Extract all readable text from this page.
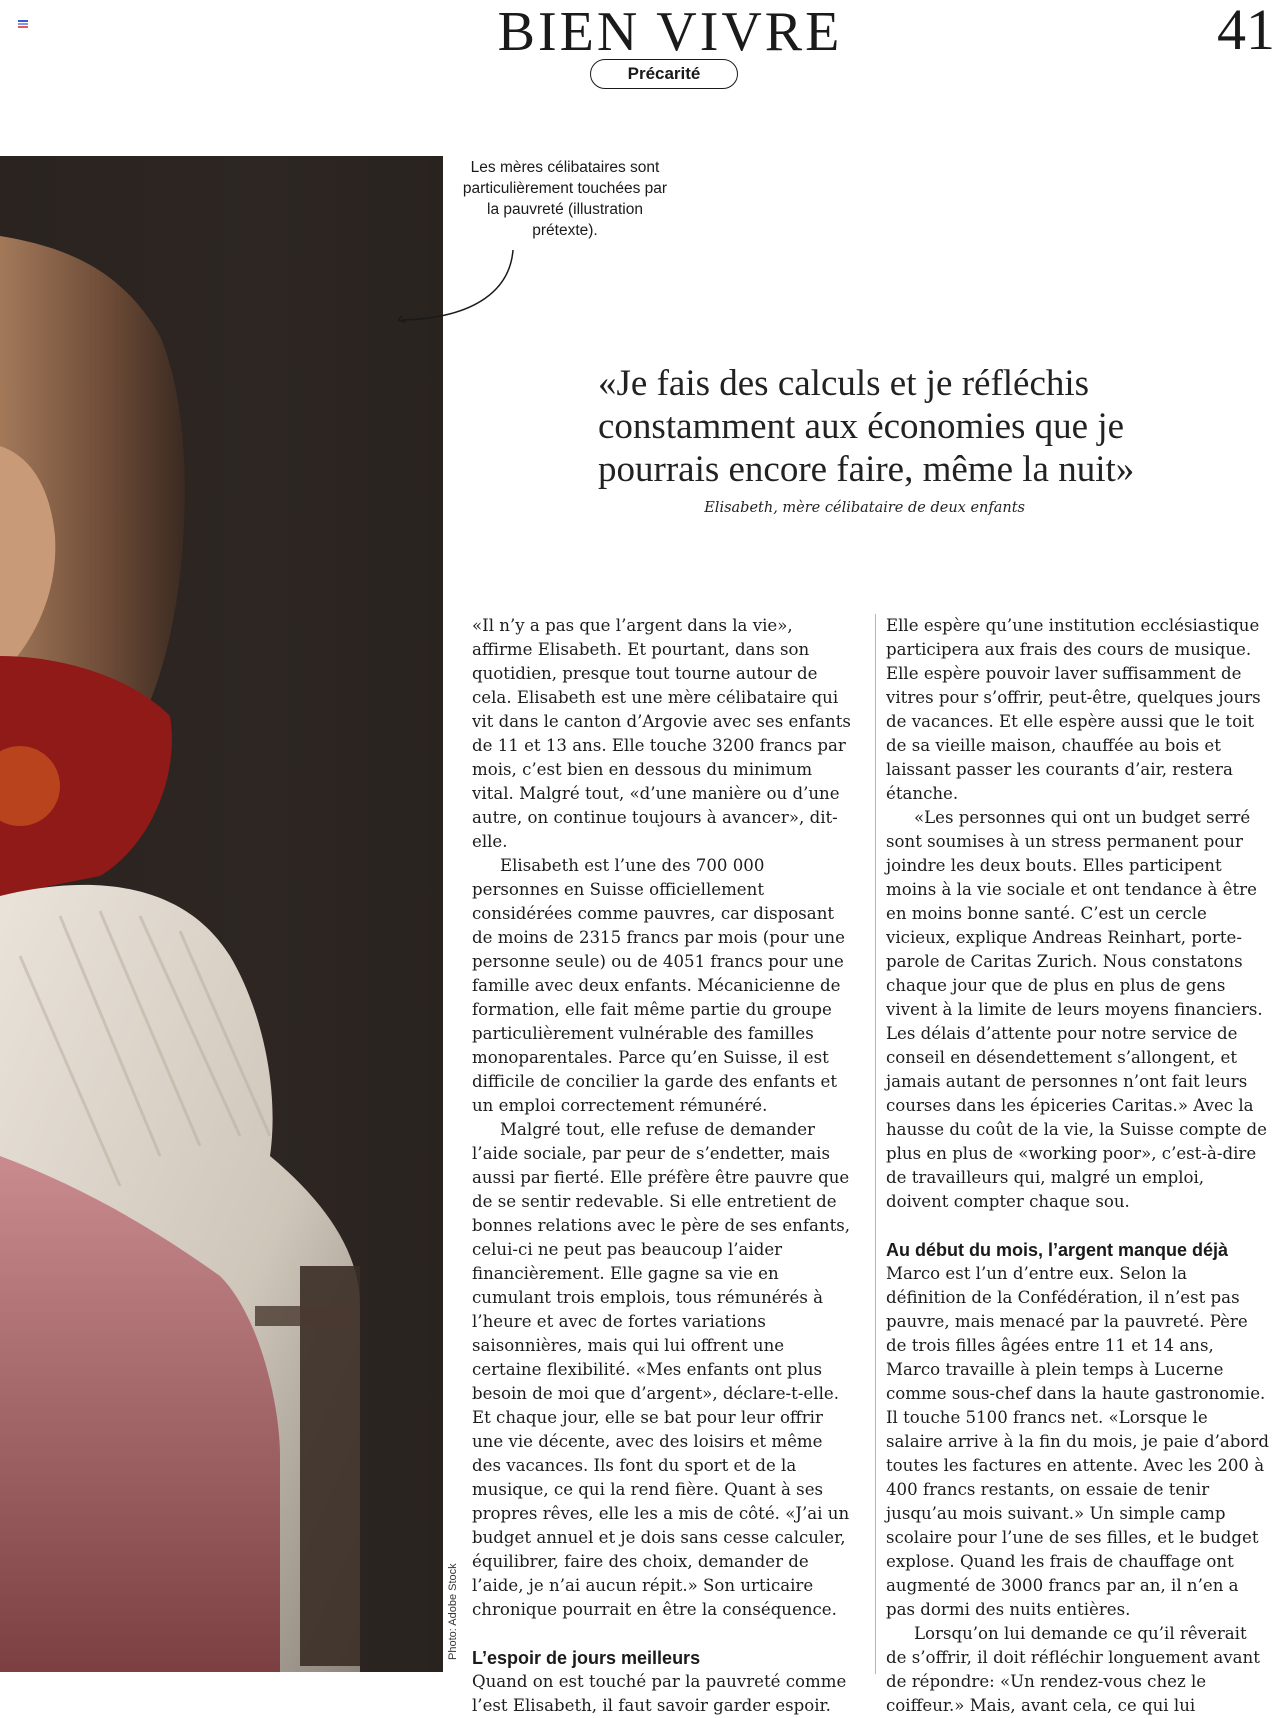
BIEN VIVRE	41
Précarité
Photo: Adobe Stock

Les mères célibataires sont particulièrement touchées par la pauvreté (illustration prétexte).

«Je fais des calculs et je réfléchis constamment aux économies que je pourrais encore faire, même la nuit»

Elisabeth, mère célibataire de deux enfants

«Il n’y a pas que l’argent dans la vie», affirme Elisabeth. Et pourtant, dans son quotidien, presque tout tourne autour de cela. Elisabeth est une mère célibataire qui vit dans le canton d’Argovie avec ses enfants de 11 et 13 ans. Elle touche 3200 francs par mois, c’est bien en dessous du minimum vital. Malgré tout, «d’une manière ou d’une autre, on continue toujours à avancer», dit-elle.

Elisabeth est l’une des 700 000 personnes en Suisse officiellement considérées comme pauvres, car disposant de moins de 2315 francs par mois (pour une personne seule) ou de 4051 francs pour une famille avec deux enfants. Mécanicienne de formation, elle fait même partie du groupe particulièrement vulnérable des familles monoparentales. Parce qu’en Suisse, il est difficile de concilier la garde des enfants et un emploi correctement rémunéré.

Malgré tout, elle refuse de demander l’aide sociale, par peur de s’endetter, mais aussi par fierté. Elle préfère être pauvre que de se sentir redevable. Si elle entretient de bonnes relations avec le père de ses enfants, celui-ci ne peut pas beaucoup l’aider financièrement. Elle gagne sa vie en cumulant trois emplois, tous rémunérés à l’heure et avec de fortes variations saisonnières, mais qui lui offrent une certaine flexibilité. «Mes enfants ont plus besoin de moi que d’argent», déclare-t-elle. Et chaque jour, elle se bat pour leur offrir une vie décente, avec des loisirs et même des vacances. Ils font du sport et de la musique, ce qui la rend fière. Quant à ses propres rêves, elle les a mis de côté. «J’ai un budget annuel et je dois sans cesse calculer, équilibrer, faire des choix, demander de l’aide, je n’ai aucun répit.» Son urticaire chronique pourrait en être la conséquence.

L’espoir de jours meilleurs

Quand on est touché par la pauvreté comme l’est Elisabeth, il faut savoir garder espoir.

Elle espère qu’une institution ecclésiastique participera aux frais des cours de musique. Elle espère pouvoir laver suffisamment de vitres pour s’offrir, peut-être, quelques jours de vacances. Et elle espère aussi que le toit de sa vieille maison, chauffée au bois et laissant passer les courants d’air, restera étanche.

«Les personnes qui ont un budget serré sont soumises à un stress permanent pour joindre les deux bouts. Elles participent moins à la vie sociale et ont tendance à être en moins bonne santé. C’est un cercle vicieux, explique Andreas Reinhart, porte-parole de Caritas Zurich. Nous constatons chaque jour que de plus en plus de gens vivent à la limite de leurs moyens financiers. Les délais d’attente pour notre service de conseil en désendettement s’allongent, et jamais autant de personnes n’ont fait leurs courses dans les épiceries Caritas.» Avec la hausse du coût de la vie, la Suisse compte de plus en plus de «working poor», c’est-à-dire de travailleurs qui, malgré un emploi, doivent compter chaque sou.

Au début du mois, l’argent manque déjà

Marco est l’un d’entre eux. Selon la définition de la Confédération, il n’est pas pauvre, mais menacé par la pauvreté. Père de trois filles âgées entre 11 et 14 ans, Marco travaille à plein temps à Lucerne comme sous-chef dans la haute gastronomie. Il touche 5100 francs net. «Lorsque le salaire arrive à la fin du mois, je paie d’abord toutes les factures en attente. Avec les 200 à 400 francs restants, on essaie de tenir jusqu’au mois suivant.» Un simple camp scolaire pour l’une de ses filles, et le budget explose. Quand les frais de chauffage ont augmenté de 3000 francs par an, il n’en a pas dormi des nuits entières.

Lorsqu’on lui demande ce qu’il rêverait de s’offrir, il doit réfléchir longuement avant de répondre: «Un rendez-vous chez le coiffeur.» Mais, avant cela, ce qui lui
